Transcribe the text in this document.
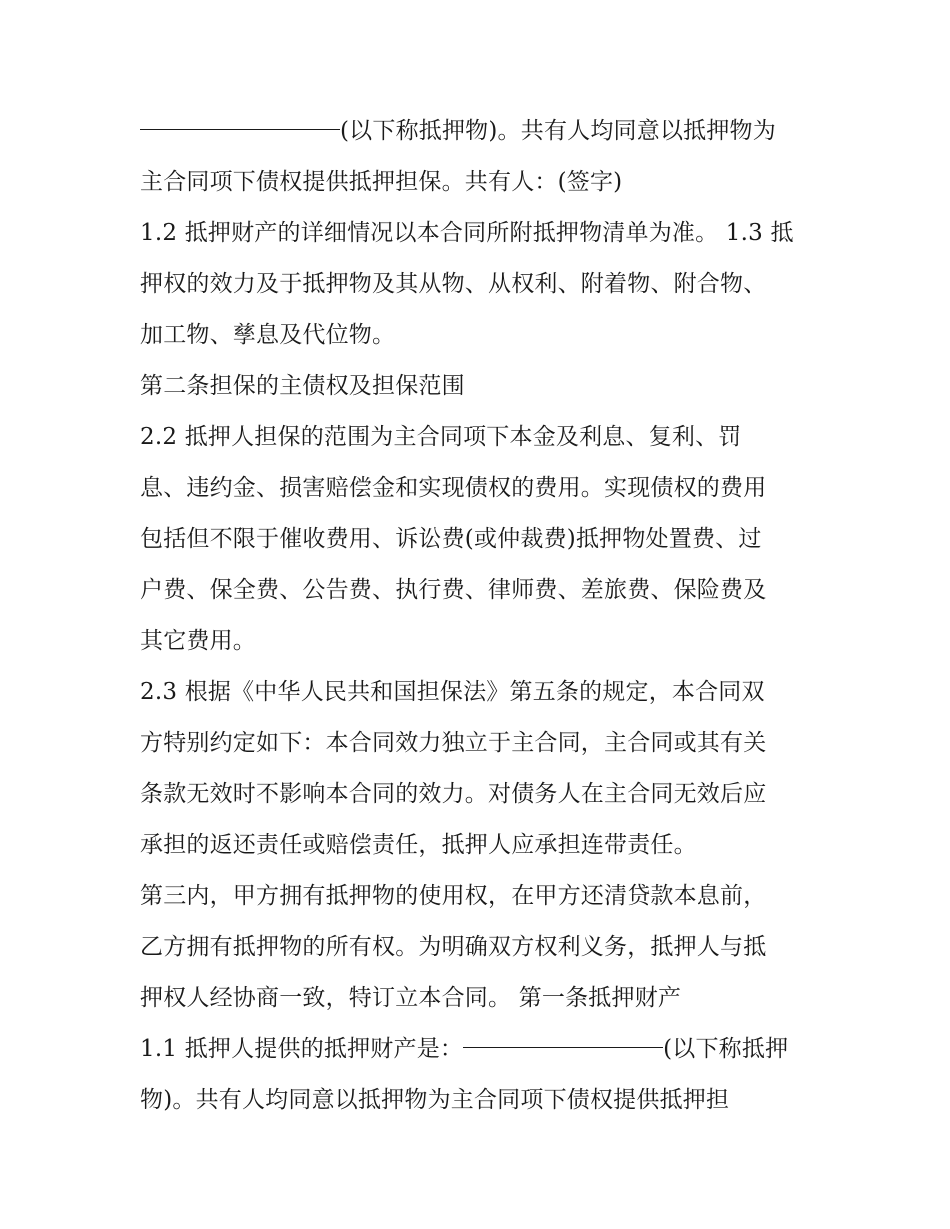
(以下称抵押物)。共有人均同意以抵押物为
主合同项下债权提供抵押担保。共有人：(签字)
1.2 抵押财产的详细情况以本合同所附抵押物清单为准。 1.3 抵
押权的效力及于抵押物及其从物、从权利、附着物、附合物、
加工物、孳息及代位物。
第二条担保的主债权及担保范围
2.2 抵押人担保的范围为主合同项下本金及利息、复利、罚
息、违约金、损害赔偿金和实现债权的费用。实现债权的费用
包括但不限于催收费用、诉讼费(或仲裁费)抵押物处置费、过
户费、保全费、公告费、执行费、律师费、差旅费、保险费及
其它费用。
2.3 根据《中华人民共和国担保法》第五条的规定，本合同双
方特别约定如下：本合同效力独立于主合同，主合同或其有关
条款无效时不影响本合同的效力。对债务人在主合同无效后应
承担的返还责任或赔偿责任，抵押人应承担连带责任。
第三内，甲方拥有抵押物的使用权，在甲方还清贷款本息前，
乙方拥有抵押物的所有权。为明确双方权利义务，抵押人与抵
押权人经协商一致，特订立本合同。 第一条抵押财产
1.1 抵押人提供的抵押财产是：	(以下称抵押
物)。共有人均同意以抵押物为主合同项下债权提供抵押担
